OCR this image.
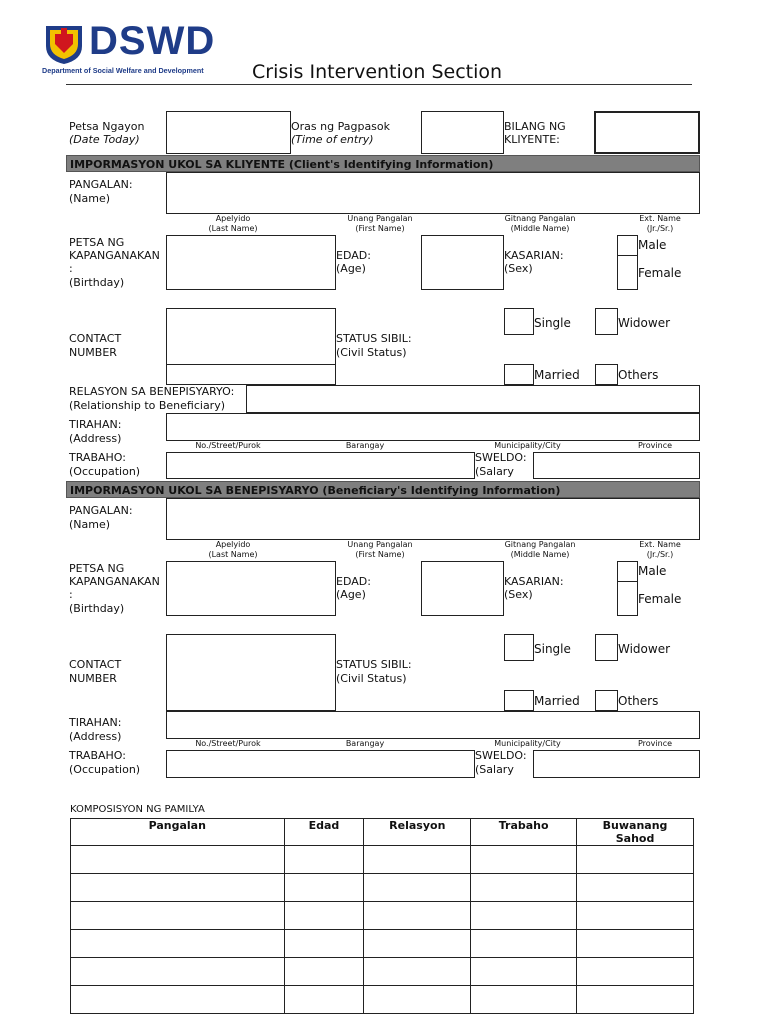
DSWD
Department of Social Welfare and Development	Crisis Intervention Section
Petsa Ngayon
(Date Today)
Oras ng Pagpasok
(Time of entry)
BILANG NG
KLIYENTE:
IMPORMASYON UKOL SA KLIYENTE (Client's Identifying Information)
PANGALAN:
(Name)
Apelyido
(Last Name)
Unang Pangalan
(First Name)
Gitnang Pangalan
(Middle Name)
Ext. Name
(Jr./Sr.)
PETSA NG
KAPANGANAKAN
:
(Birthday)
EDAD:
(Age)
KASARIAN:
(Sex)
Male
Female
CONTACT
NUMBER
STATUS SIBIL:
(Civil Status)
Single	Widower
Married	Others
RELASYON SA BENEPISYARYO:
(Relationship to Beneficiary)
TIRAHAN:
(Address)
No./Street/Purok	Barangay	Municipality/City	Province
TRABAHO:
(Occupation)
SWELDO:
(Salary
IMPORMASYON UKOL SA BENEPISYARYO (Beneficiary's Identifying Information)
PANGALAN:
(Name)
Apelyido
(Last Name)
Unang Pangalan
(First Name)
Gitnang Pangalan
(Middle Name)
Ext. Name
(Jr./Sr.)
PETSA NG
KAPANGANAKAN
:
(Birthday)
EDAD:
(Age)
KASARIAN:
(Sex)
Male
Female
CONTACT
NUMBER
STATUS SIBIL:
(Civil Status)
Single	Widower
Married	Others
TIRAHAN:
(Address)
No./Street/Purok	Barangay	Municipality/City	Province
TRABAHO:
(Occupation)
SWELDO:
(Salary
KOMPOSISYON NG PAMILYA
Pangalan	Edad	Relasyon	Trabaho	Buwanang Sahod
